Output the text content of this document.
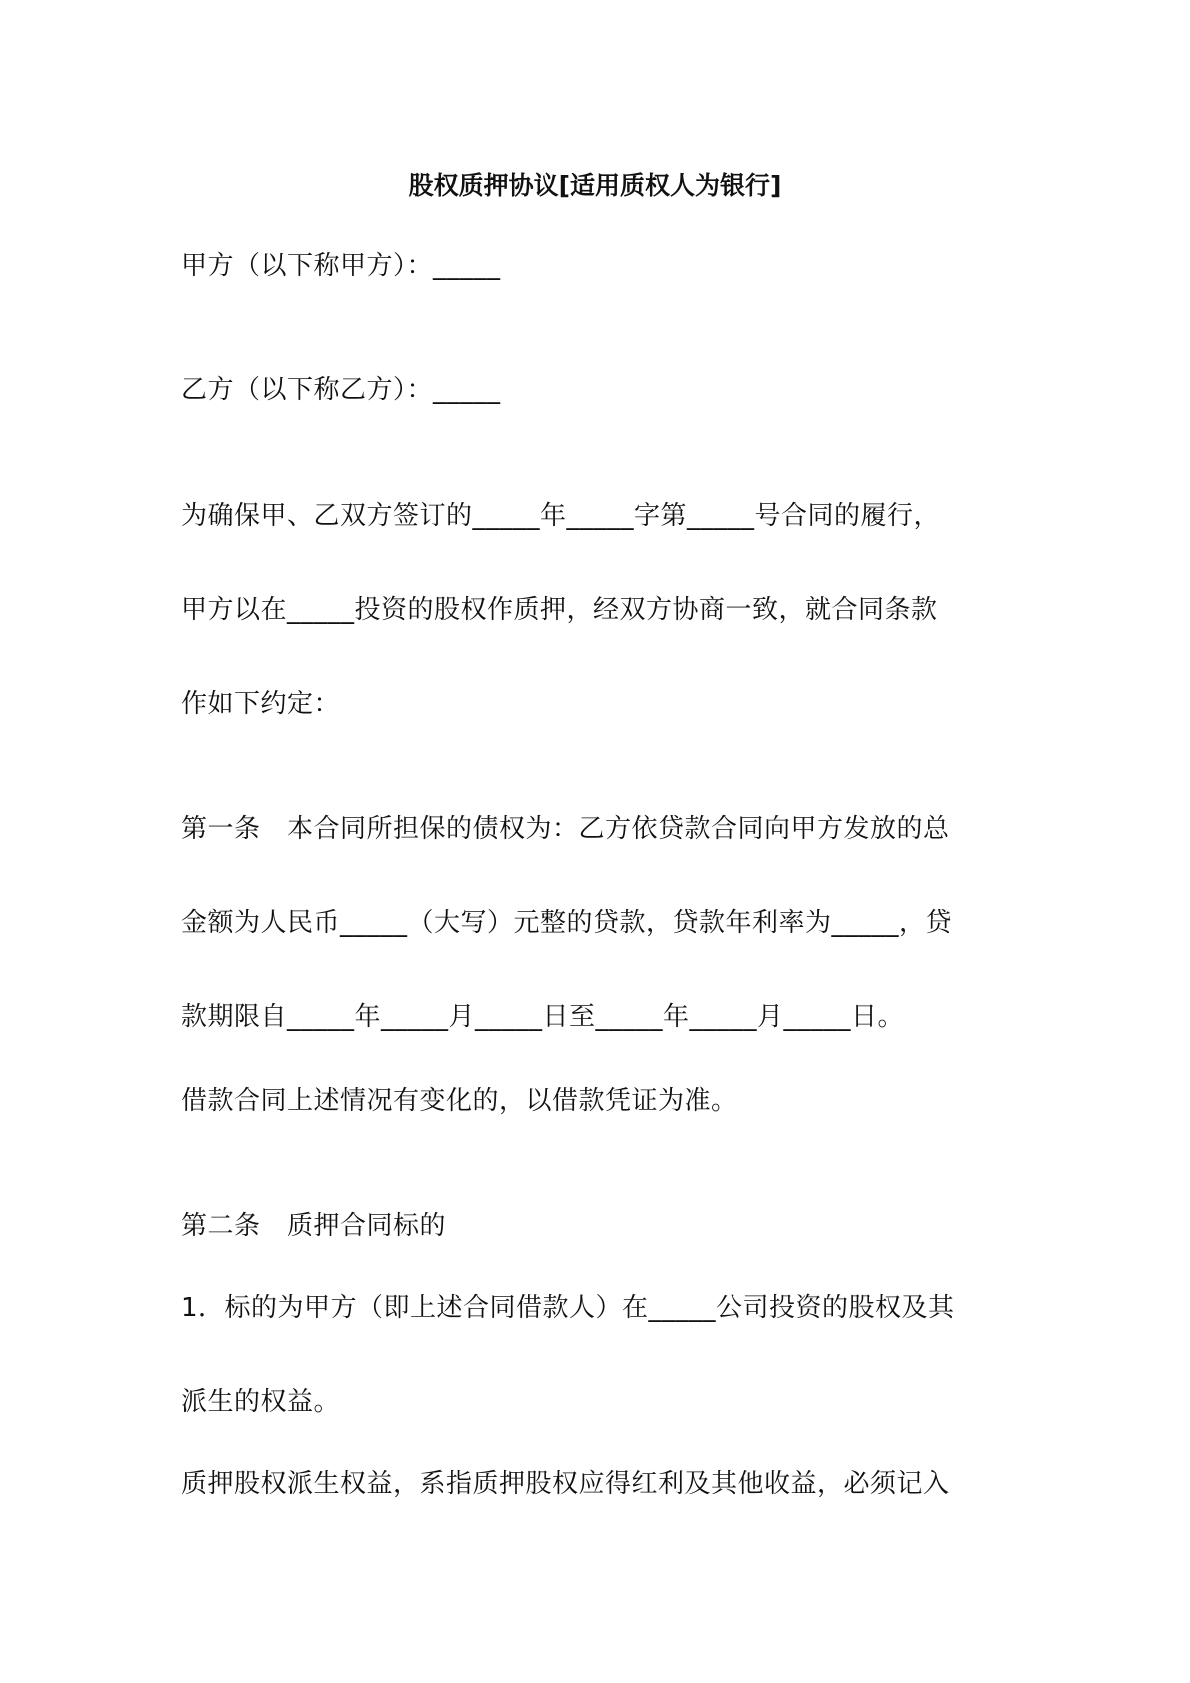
股权质押协议[适用质权人为银行]
甲方（以下称甲方）：_____
乙方（以下称乙方）：_____
为确保甲、乙双方签订的_____年_____字第_____号合同的履行，
甲方以在_____投资的股权作质押，经双方协商一致，就合同条款
作如下约定：
第一条　本合同所担保的债权为：乙方依贷款合同向甲方发放的总
金额为人民币_____（大写）元整的贷款，贷款年利率为_____，贷
款期限自_____年_____月_____日至_____年_____月_____日。
借款合同上述情况有变化的，以借款凭证为准。
第二条　质押合同标的
1．标的为甲方（即上述合同借款人）在_____公司投资的股权及其
派生的权益。
质押股权派生权益，系指质押股权应得红利及其他收益，必须记入
